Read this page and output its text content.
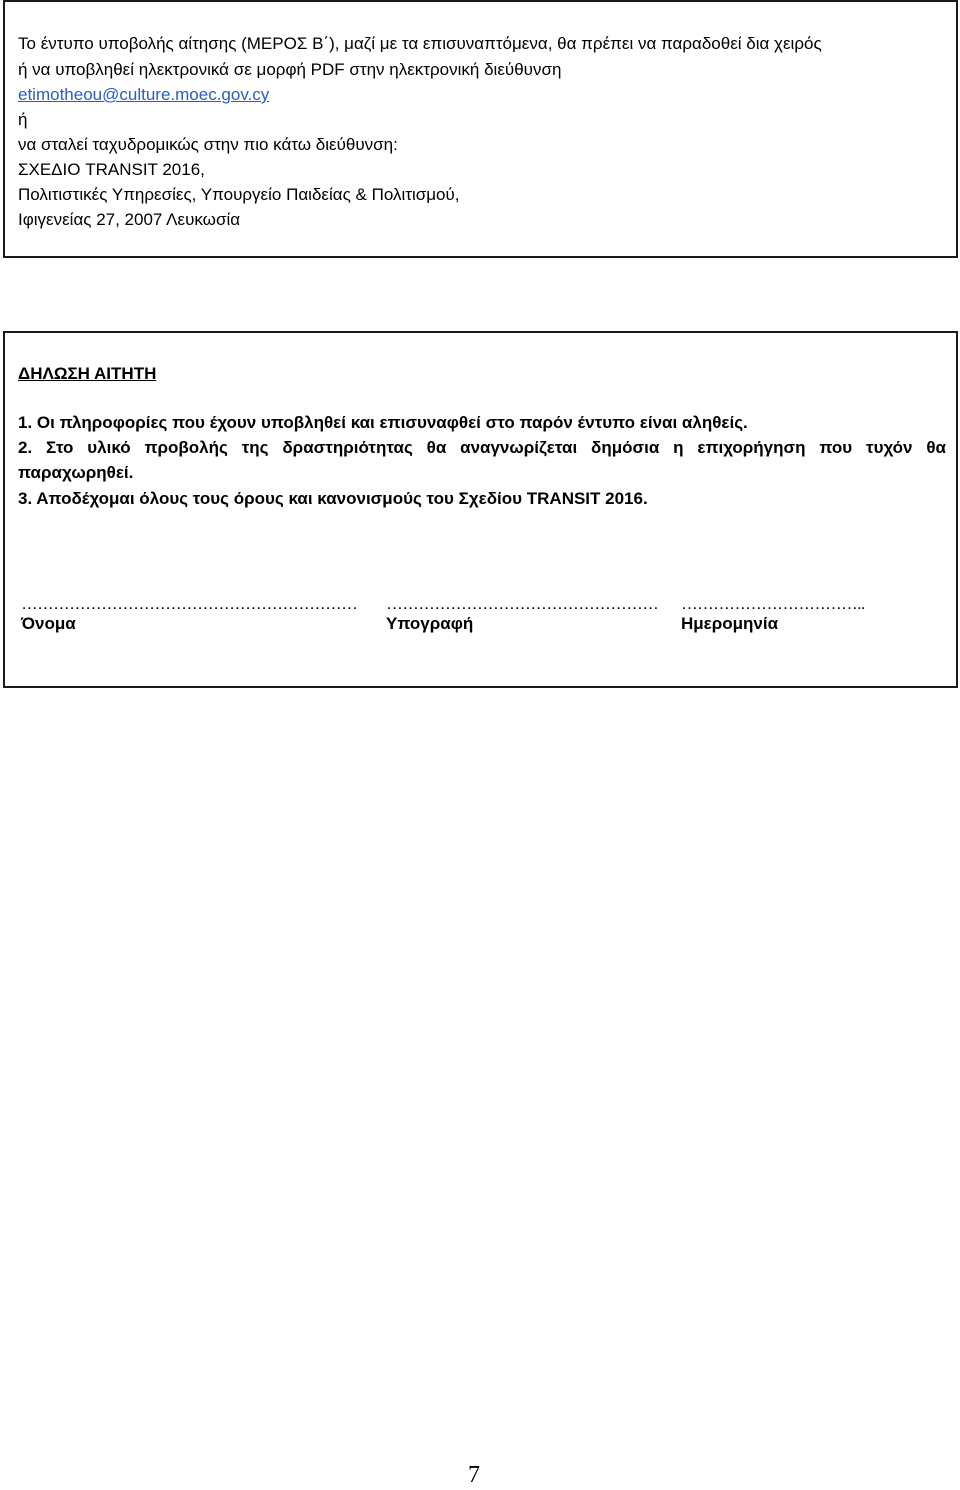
Το έντυπο υποβολής αίτησης (ΜΕΡΟΣ Β΄), μαζί με τα επισυναπτόμενα, θα πρέπει να παραδοθεί δια χειρός
ή να υποβληθεί ηλεκτρονικά σε μορφή PDF στην ηλεκτρονική διεύθυνση
etimotheou@culture.moec.gov.cy
ή
να σταλεί ταχυδρομικώς στην πιο κάτω διεύθυνση:
ΣΧΕΔΙΟ TRANSIT 2016,
Πολιτιστικές Υπηρεσίες, Υπουργείο Παιδείας & Πολιτισμού,
Ιφιγενείας 27, 2007 Λευκωσία
ΔΗΛΩΣΗ ΑΙΤΗΤΗ
1. Οι πληροφορίες που έχουν υποβληθεί και επισυναφθεί στο παρόν έντυπο είναι αληθείς.
2. Στο υλικό προβολής της δραστηριότητας θα αναγνωρίζεται δημόσια η επιχορήγηση που τυχόν θα
παραχωρηθεί.
3. Αποδέχομαι όλους τους όρους και κανονισμούς του Σχεδίου TRANSIT 2016.
……………………………………………………… …………………………………………… ……………………………..
Όνομα	Υπογραφή	Ημερομηνία
7
